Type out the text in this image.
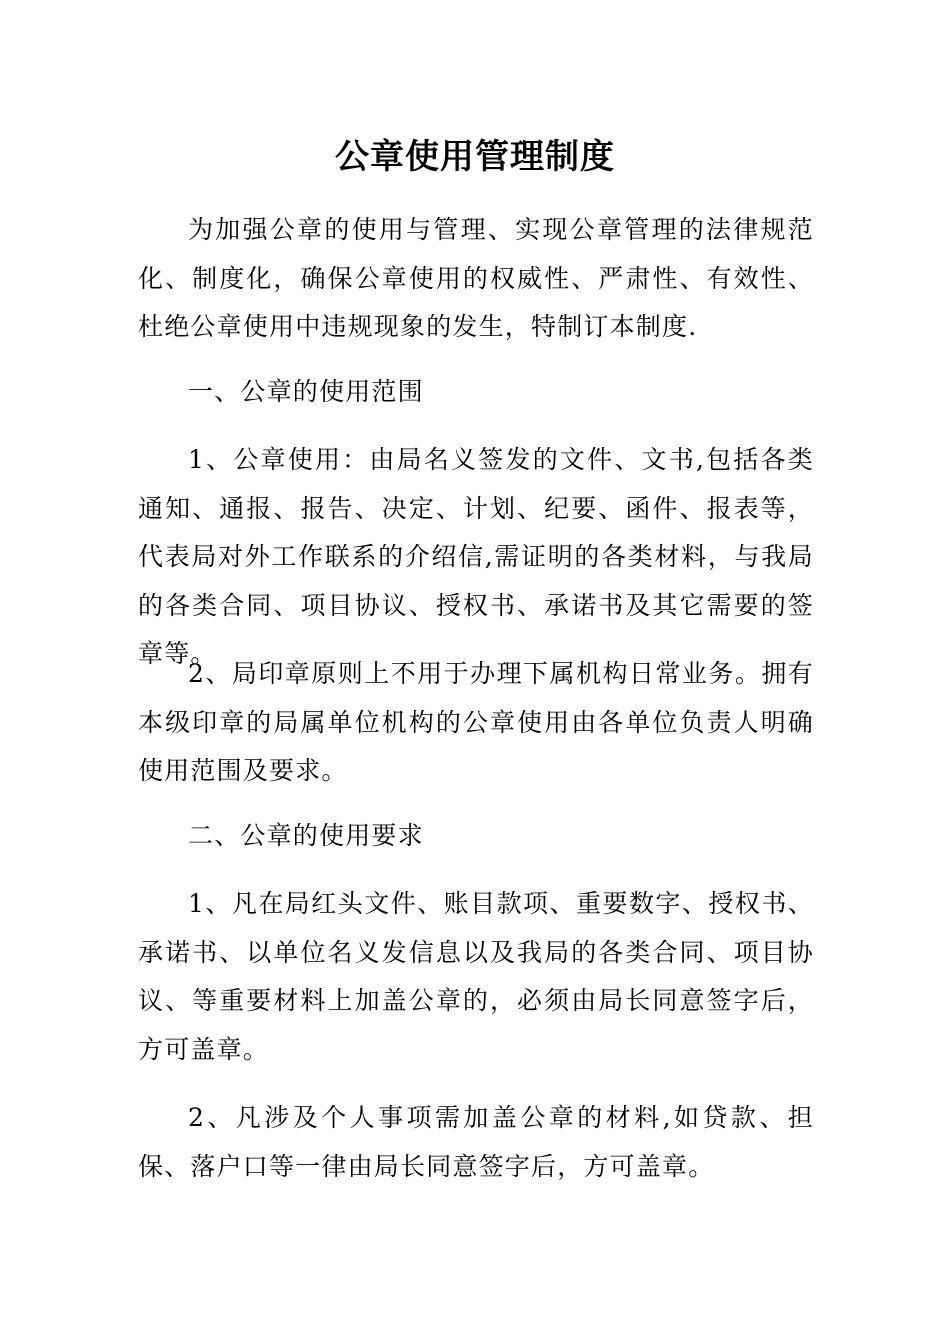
公章使用管理制度

为加强公章的使用与管理、实现公章管理的法律规范化、制度化，确保公章使用的权威性、严肃性、有效性、杜绝公章使用中违规现象的发生，特制订本制度.

一、公章的使用范围

1、公章使用：由局名义签发的文件、文书,包括各类通知、通报、报告、决定、计划、纪要、函件、报表等，代表局对外工作联系的介绍信,需证明的各类材料，与我局的各类合同、项目协议、授权书、承诺书及其它需要的签章等。

2、局印章原则上不用于办理下属机构日常业务。拥有本级印章的局属单位机构的公章使用由各单位负责人明确使用范围及要求。

二、公章的使用要求

1、凡在局红头文件、账目款项、重要数字、授权书、承诺书、以单位名义发信息以及我局的各类合同、项目协议、等重要材料上加盖公章的，必须由局长同意签字后，方可盖章。

2、凡涉及个人事项需加盖公章的材料,如贷款、担保、落户口等一律由局长同意签字后，方可盖章。
